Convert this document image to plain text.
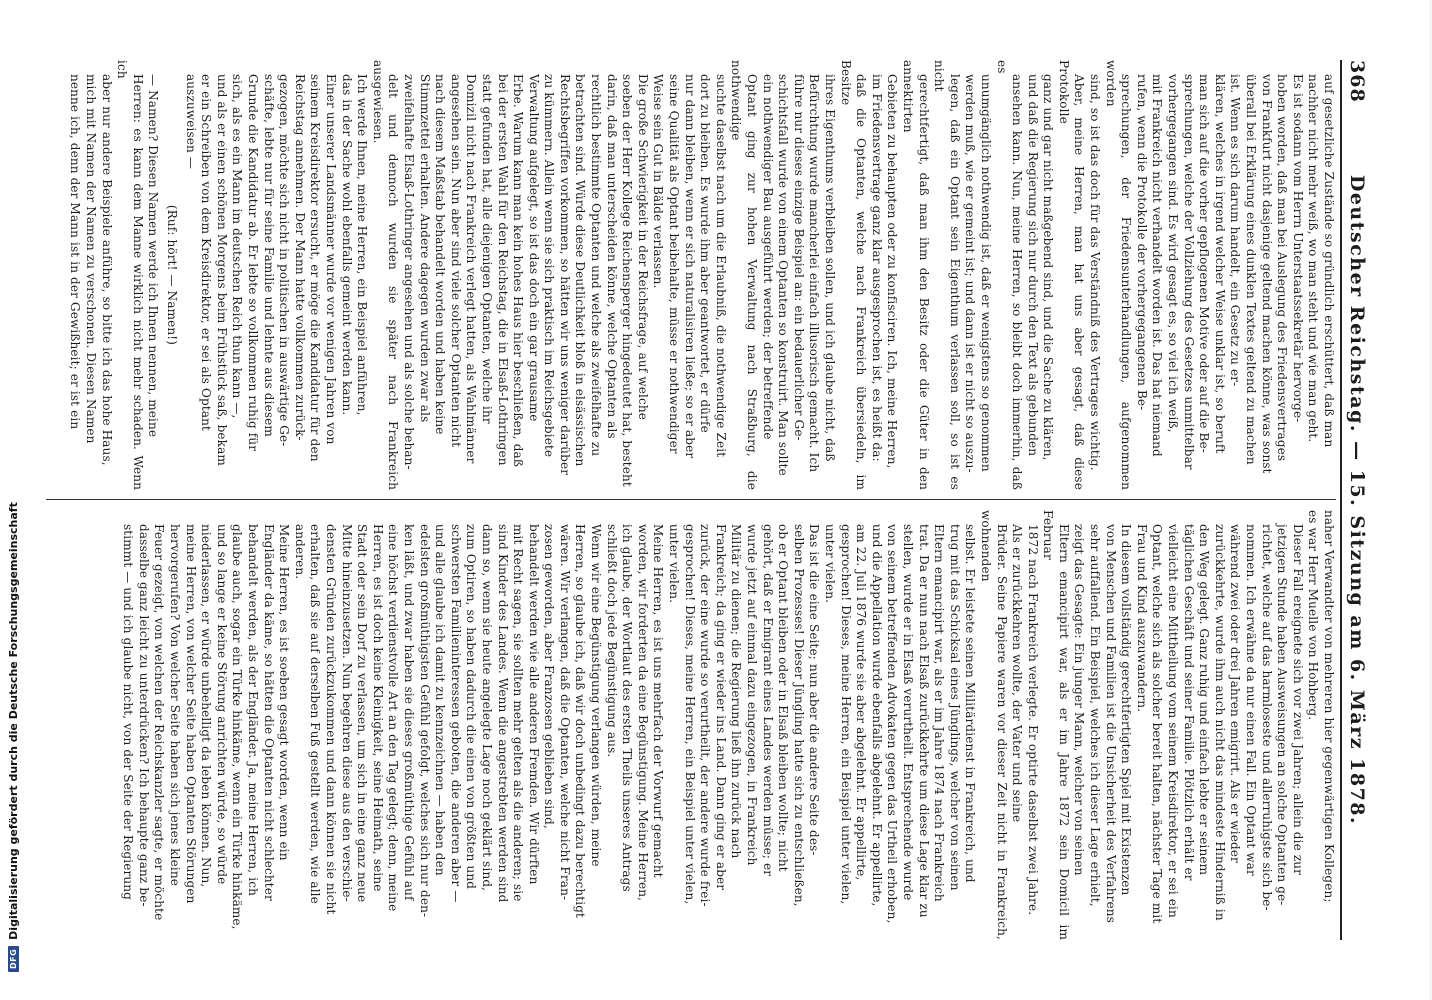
368
Deutscher Reichstag. — 15. Sitzung am 6. März 1878.

auf gesetzliche Zustände so gründlich erschüttert, daß man
nachher nicht mehr weiß, wo man steht und wie man geht.

Es ist sodann vom Herrn Unterstaatssekretär hervorge-
hoben worden, daß man bei Auslegung des Friedensvertrages
von Frankfurt nicht dasjenige geltend machen könne, was sonst
überall bei Erklärung eines dunklen Textes geltend zu machen
ist. Wenn es sich darum handelt, ein Gesetz zu er-
klären, welches in irgend welcher Weise unklar ist, so beruft
man sich auf die vorher gepflogenen Motive oder auf die Be-
sprechungen, welche der Vollziehung des Gesetzes unmittelbar
vorhergegangen sind. Es wird gesagt es, so viel ich weiß,
mit Frankreich nicht verhandelt worden ist. Das hat niemand
rufen, wenn die Protokolle der vorhergegangenen Be-
sprechungen, der Friedensunterhandlungen, aufgenommen worden
sind, so ist das doch für das Verständniß des Vertrages wichtig.

Aber, meine Herren, man hat uns aber gesagt, daß diese Protokolle
ganz und gar nicht maßgebend sind, und die Sache zu klären,
und daß die Regierung sich nur durch den Text als gebunden
ansehen kann. Nun, meine Herren, so bleibt doch immerhin, daß es
unumgänglich nothwendig ist, daß er wenigstens so genommen
werden muß, wie er gemeint ist; und dann ist er nicht so auszu-
legen, daß ein Optant sein Eigenthum verlassen soll, so ist es nicht
gerechtfertigt, daß man ihm den Besitz oder die Güter in den annektirten
Gebieten zu behaupten oder zu konfisciren. Ich, meine Herren,
im Friedensvertrage ganz klar ausgesprochen ist, es heißt da:
daß die Optanten, welche nach Frankreich übersiedeln, im Besitze
ihres Eigenthums verbleiben sollen, und ich glaube nicht, daß

Befürchtung wurde mancherlei einfach illusorisch gemacht. Ich
führe nur dieses einzige Beispiel an: ein bedauerlicher Ge-
schichtsfall wurde von einem Optanten so konstruirt. Man sollte
ein nothwendiger Bau ausgeführt werden; der betreffende
Optant ging zur hohen Verwaltung nach Straßburg, die nothwendige
suchte daselbst nach um die Erlaubniß, die nothwendige Zeit
dort zu bleiben. Es wurde ihm aber geantwortet, er dürfe
nur dann bleiben, wenn er sich naturalisiren ließe; so er aber
seine Qualität als Optant beibehalte, müsse er nothwendiger
Weise sein Gut in Bälde verlassen.

Die große Schwierigkeit in der Reichsfrage, auf welche
soeben der Herr Kollege Reichensperger hingedeutet hat, besteht
darin, daß man unterscheiden könne, welche Optanten als
rechtlich bestimmte Optanten und welche als zweifelhafte zu
betrachten sind. Würde diese Deutlichkeit bloß in elsässischen
Rechtsbegriffen vorkommen, so hätten wir uns weniger darüber
zu kümmern. Allein wenn sie sich praktisch im Reichsgebiete
Verwaltung aufgelegt, so ist das doch ein gar grausame
Erbe. Warum kann man kein hohes Haus hier beschließen, daß
bei der ersten Wahl für den Reichstag, die in Elsaß-Lothringen
statt gefunden hat, alle diejenigen Optanten, welche ihr
Domizil nicht nach Frankreich verlegt hatten, als Wahlmänner
angesehen sein. Nun aber sind viele solcher Optanten nicht
nach diesem Maßstab behandelt worden und haben keine
Stimmzettel erhalten. Andere dagegen wurden zwar als
zweifelhafte Elsaß-Lothringer angesehen und als solche behan-
delt und dennoch wurden sie später nach Frankreich ausgewiesen.

Ich werde Ihnen, meine Herren, ein Beispiel anführen,
das in der Sache wohl ebenfalls gemeint werden kann.
Einer unserer Landsmänner wurde vor wenigen Jahren von
seinem Kreisdirektor ersucht, er möge die Kandidatur für den
Reichstag annehmen. Der Mann hatte vollkommen zurück-
gezogen, möchte sich nicht in politischen in auswärtige Ge-
schäfte, lebte nur für seine Familie und lehnte aus diesem
Grunde die Kandidatur ab. Er lebte so vollkommen ruhig für
sich, als es ein Mann im deutschen Reich thun kann —,
und als er einen schönen Morgens beim Frühstück saß, bekam
er ein Schreiben von dem Kreisdirektor, er sei als Optant
auszuweisen —

(Ruf: hört! — Namen!)

— Namen? Diesen Namen werde ich Ihnen nennen, meine
Herren: es kann dem Manne wirklich nicht mehr schaden. Wenn ich
aber nur andere Beispiele anführe, so bitte ich das hohe Haus,
mich mit Namen der Namen zu verschonen. Diesen Namen
nenne ich, denn der Mann ist in der Gewißheit; er ist ein

naher Verwandter von mehreren hier gegenwärtigen Kollegen;
es war Herr Muelle von Hohberg.

Dieser Fall ereignete sich vor zwei Jahren; allein die zur
jetzigen Stunde haben Ausweisungen an solche Optanten ge-
richtet, welche auf das harmloseste und allerruhigste sich be-
nommen. Ich erwähne da nur einen Fall. Ein Optant war
während zwei oder drei Jahren emigrirt. Als er wieder
zurückkehrte, wurde ihm auch nicht das mindeste Hinderniß in
den Weg gelegt. Ganz ruhig und einfach lebte er seinem
täglichen Geschäft und seiner Familie. Plötzlich erhält er
vielleicht eine Mittheilung vom seinem Kreisdirektor, er sei ein
Optant, welche sich als solcher bereit halten, nächster Tage mit
Frau und Kind auszuwandern.

In diesem vollständig gerechtfertigten Spiel mit Existenzen
von Menschen und Familien ist die Unsicherheit des Verfahrens
sehr auffallend. Ein Beispiel, welches ich dieser Lage erhielt,
zeigt das Gesagte: Ein junger Mann, welcher von seinen
Eltern emancipirt war, als er im Jahre 1872 sein Domicil im Februar
1872 nach Frankreich verlegte. Er optirte daselbst zwei Jahre.
Als er zurückkehren wollte, der Vater und seine
Brüder. Seine Papiere waren vor dieser Zeit nicht in Frankreich, wohnenden
selbst. Er leistete seinen Militärdienst in Frankreich, und
trug mit das Schicksal eines Jünglings, welcher von seinen
Eltern emancipirt war, als er im Jahre 1874 nach Frankreich
trat. Da er nun nach Elsaß zurückkehrte um diese Lage klar zu
stellen, wurde er in Elsaß verurtheilt. Entsprechende wurde
von seinem betreffenden Advokaten gegen das Urtheil erhoben,
und die Appellation wurde ebenfalls abgelehnt. Er appellirte,
am 22. Juli 1876 wurde sie aber abgelehnt. Er appellirte,
gesprochen! Dieses, meine Herren, ein Beispiel unter vielen,
unter vielen.

Das ist die eine Seite; nun aber die andere Seite des-
selben Prozesses! Dieser Jüngling hatte sich zu entschließen,
ob er Optant bleiben oder in Elsaß bleiben wollte; nicht
gehört, daß er Emigrant eines Landes werden müsse; er
wurde jetzt auf einmal dazu eingezogen, in Frankreich
Militär zu dienen; die Regierung ließ ihn zurück nach
Frankreich; da ging er wieder ins Land. Dann ging er aber
zurück, der eine wurde so verurtheilt, der andere wurde frei-
gesprochen! Dieses, meine Herren, ein Beispiel unter vielen,
unter vielen.

Meine Herren, es ist uns mehrfach der Vorwurf gemacht
worden, wir forderten da eine Begünstigung. Meine Herren,
ich glaube, der Wortlaut des ersten Theils unseres Antrags
schließt doch jede Begünstigung aus.

Wenn wir eine Begünstigung verlangen würden, meine
Herren, so glaube ich, daß wir doch unbedingt dazu berechtigt
wären. Wir verlangen, daß die Optanten, welche nicht Fran-
zosen geworden, aber Franzosen geblieben sind,
behandelt werden wie alle anderen Fremden. Wir dürften
mit Recht sagen, sie sollten mehr gelten als die anderen; sie
sind Kinder des Landes. Wenn die angestrebten werden sind
dann so, wenn sie heute angelegte Lage noch geklärt sind,
zum Optiren, so haben dadurch die einen von größten und
schwersten Familieninteressen geboten, die anderen aber —
und alle glaube ich damit zu kennzeichnen — haben den
edelsten großmüthigsten Gefühl gefolgt, welches sich nur den-
ken läßt, und zwar haben sie dieses großmüthige Gefühl auf
eine höchst verdienstvolle Art an den Tag gelegt; denn, meine
Herren, es ist doch keine Kleinigkeit, seine Heimath, seine
Stadt oder sein Dorf zu verlassen, um sich in eine ganz neue
Mitte hineinzusetzen. Nun begehren diese aus den verschie-
densten Gründen zurückzukommen und dann können sie nicht
erhalten, daß sie auf derselben Fuß gestellt werden, wie alle
anderen.

Meine Herren, es ist soeben gesagt worden, wenn ein
Engländer da käme, so hätten die Optanten nicht schlechter
behandelt werden, als der Engländer. Ja, meine Herren, ich
glaube auch, sogar ein Türke hinkäme, wenn ein Türke hinkäme,
und so lange er keine Störung anrichten würde, so würde
niederlassen, er würde unbehelligt da leben können. Nun,
meine Herren, von welcher Seite haben Optanten Störungen
hervorgerufen? Von welcher Seite haben sich jenes kleine
Feuer gezeigt, von welchen der Reichskanzler sagte, er möchte
dasselbe ganz leicht zu unterdrücken? Ich behaupte ganz be-
stimmt — und ich glaube nicht, von der Seite der Regierung

DFG
Digitalisierung gefördert durch die Deutsche Forschungsgemeinschaft
